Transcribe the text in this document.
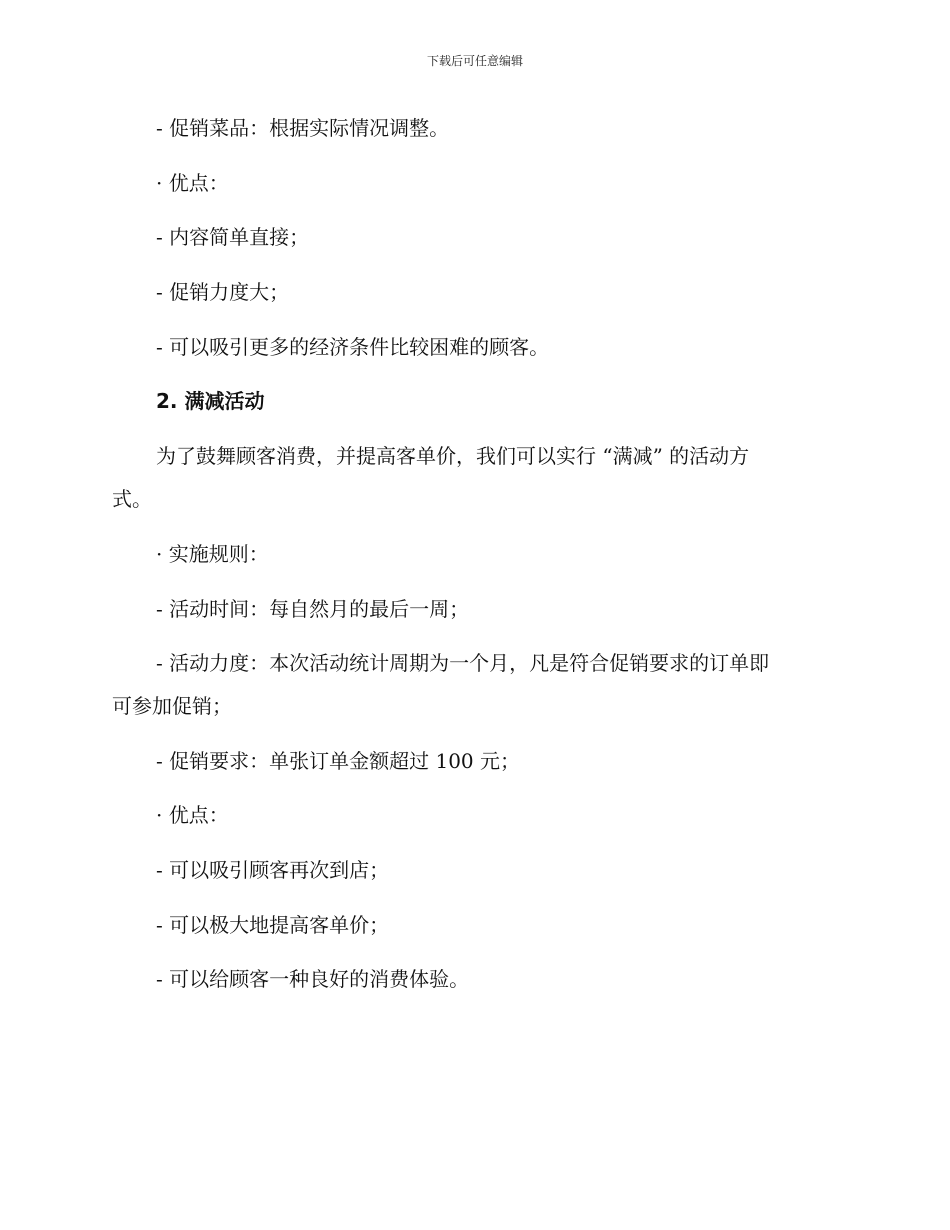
下载后可任意编辑
- 促销菜品：根据实际情况调整。
· 优点：
- 内容简单直接；
- 促销力度大；
- 可以吸引更多的经济条件比较困难的顾客。
2. 满减活动
为了鼓舞顾客消费，并提高客单价，我们可以实行 “满减” 的活动方
式。
· 实施规则：
- 活动时间：每自然月的最后一周；
- 活动力度：本次活动统计周期为一个月，凡是符合促销要求的订单即
可参加促销；
- 促销要求：单张订单金额超过 100 元；
· 优点：
- 可以吸引顾客再次到店；
- 可以极大地提高客单价；
- 可以给顾客一种良好的消费体验。
